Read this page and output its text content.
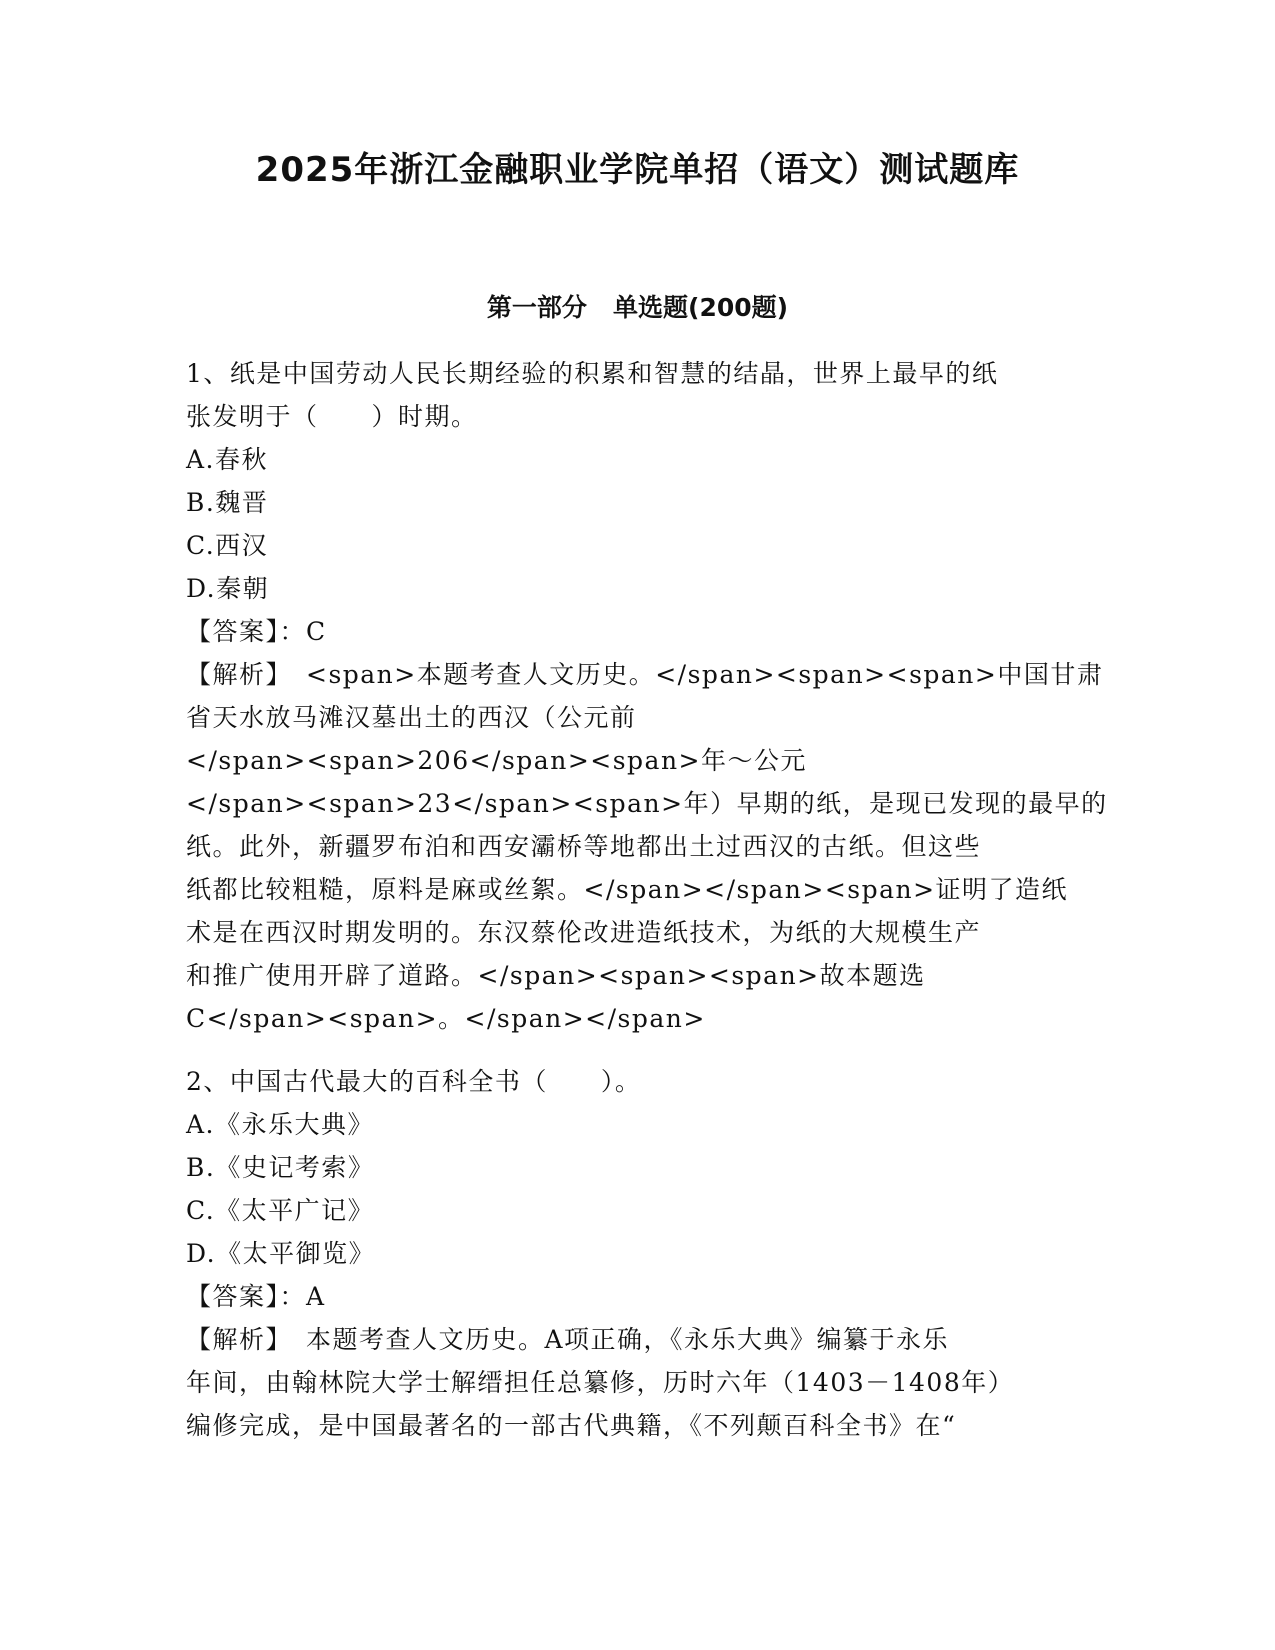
2025年浙江金融职业学院单招（语文）测试题库
第一部分   单选题(200题)
1、纸是中国劳动人民长期经验的积累和智慧的结晶，世界上最早的纸
张发明于（　　）时期。
A.春秋
B.魏晋
C.西汉
D.秦朝
【答案】：C
【解析】　<span>本题考查人文历史。</span><span><span>中国甘肃
省天水放马滩汉墓出土的西汉（公元前
</span><span>206</span><span>年～公元
</span><span>23</span><span>年）早期的纸，是现已发现的最早的
纸。此外，新疆罗布泊和西安灞桥等地都出土过西汉的古纸。但这些
纸都比较粗糙，原料是麻或丝絮。</span></span><span>证明了造纸
术是在西汉时期发明的。东汉蔡伦改进造纸技术，为纸的大规模生产
和推广使用开辟了道路。</span><span><span>故本题选
C</span><span>。</span></span>
2、中国古代最大的百科全书（　　）。
A.《永乐大典》
B.《史记考索》
C.《太平广记》
D.《太平御览》
【答案】：A
【解析】　本题考查人文历史。A项正确，《永乐大典》编纂于永乐
年间，由翰林院大学士解缙担任总纂修，历时六年（1403－1408年）
编修完成，是中国最著名的一部古代典籍，《不列颠百科全书》在“
